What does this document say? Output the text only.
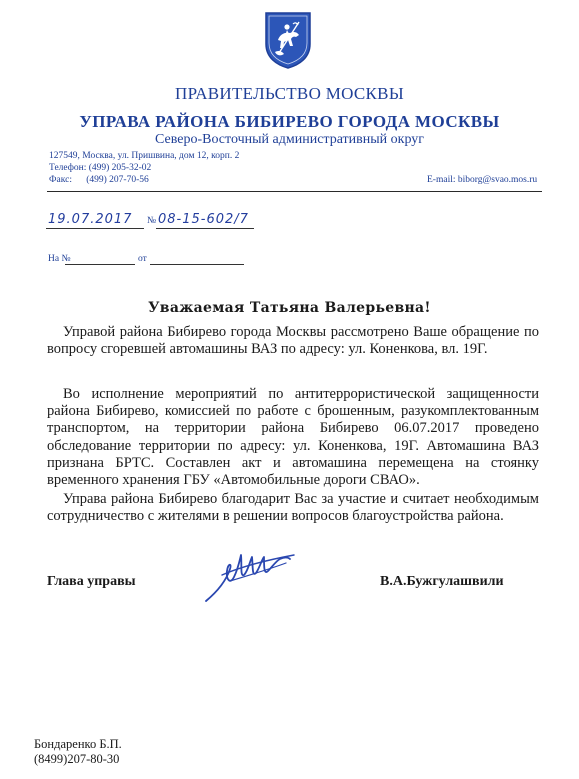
ПРАВИТЕЛЬСТВО МОСКВЫ
УПРАВА РАЙОНА БИБИРЕВО ГОРОДА МОСКВЫ
Северо-Восточный административный округ
127549, Москва, ул. Пришвина, дом 12, корп. 2
Телефон: (499) 205-32-02
Факс:      (499) 207-70-56	E-mail: biborg@svao.mos.ru
19.07.2017 № 08-15-602/7
На №	от
Уважаемая Татьяна Валерьевна!
Управой района Бибирево города Москвы рассмотрено Ваше обращение по вопросу сгоревшей автомашины ВАЗ по адресу: ул. Коненкова, вл. 19Г.
Во исполнение мероприятий по антитеррористической защищенности района Бибирево, комиссией по работе с брошенным, разукомплектованным транспортом, на территории района Бибирево 06.07.2017 проведено обследование территории по адресу: ул. Коненкова, 19Г. Автомашина ВАЗ признана БРТС. Составлен акт и автомашина перемещена на стоянку временного хранения ГБУ «Автомобильные дороги СВАО».
Управа района Бибирево благодарит Вас за участие и считает необходимым сотрудничество с жителями в решении вопросов благоустройства района.
Глава управы	В.А.Бужгулашвили
Бондаренко Б.П.
(8499)207-80-30
